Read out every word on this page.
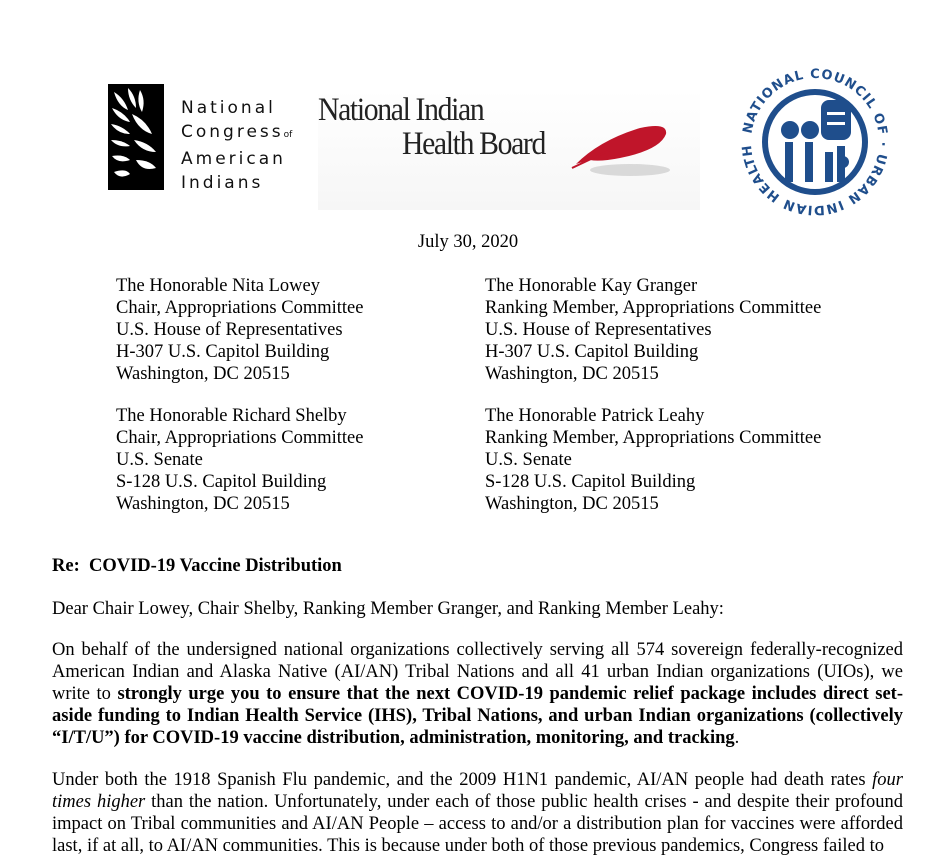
National
Congressof
American
Indians
National Indian
Health Board	NATIONAL COUNCIL OF · URBAN INDIAN HEALTH
July 30, 2020
The Honorable Nita Lowey
Chair, Appropriations Committee
U.S. House of Representatives
H-307 U.S. Capitol Building
Washington, DC 20515
The Honorable Kay Granger
Ranking Member, Appropriations Committee
U.S. House of Representatives
H-307 U.S. Capitol Building
Washington, DC 20515
The Honorable Richard Shelby
Chair, Appropriations Committee
U.S. Senate
S-128 U.S. Capitol Building
Washington, DC 20515
The Honorable Patrick Leahy
Ranking Member, Appropriations Committee
U.S. Senate
S-128 U.S. Capitol Building
Washington, DC 20515
Re:  COVID-19 Vaccine Distribution
Dear Chair Lowey, Chair Shelby, Ranking Member Granger, and Ranking Member Leahy:
On behalf of the undersigned national organizations collectively serving all 574 sovereign federally-recognized American Indian and Alaska Native (AI/AN) Tribal Nations and all 41 urban Indian organizations (UIOs), we write to strongly urge you to ensure that the next COVID-19 pandemic relief package includes direct set-aside funding to Indian Health Service (IHS), Tribal Nations, and urban Indian organizations (collectively “I/T/U”) for COVID-19 vaccine distribution, administration, monitoring, and tracking.
Under both the 1918 Spanish Flu pandemic, and the 2009 H1N1 pandemic, AI/AN people had death rates four times higher than the nation. Unfortunately, under each of those public health crises - and despite their profound impact on Tribal communities and AI/AN People – access to and/or a distribution plan for vaccines were afforded last, if at all, to AI/AN communities. This is because under both of those previous pandemics, Congress failed to
